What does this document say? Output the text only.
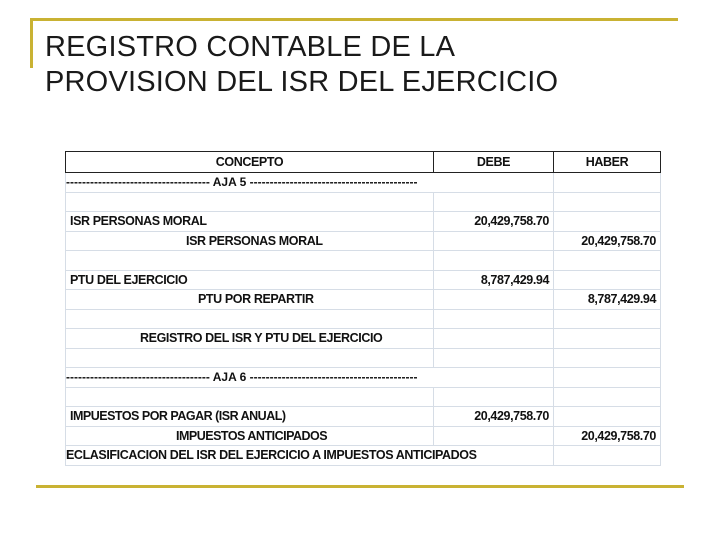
REGISTRO CONTABLE DE LA
PROVISION DEL ISR DEL EJERCICIO
CONCEPTO	DEBE	HABER
------------------------------------ AJA 5 ------------------------------------------		

ISR PERSONAS MORAL	20,429,758.70	
ISR PERSONAS MORAL		20,429,758.70

PTU DEL EJERCICIO	8,787,429.94	
PTU POR REPARTIR		8,787,429.94

REGISTRO DEL ISR Y PTU DEL EJERCICIO		

------------------------------------ AJA 6 ------------------------------------------		

IMPUESTOS POR PAGAR (ISR ANUAL)	20,429,758.70	
IMPUESTOS ANTICIPADOS		20,429,758.70
ECLASIFICACION DEL ISR DEL EJERCICIO A IMPUESTOS ANTICIPADOS		
